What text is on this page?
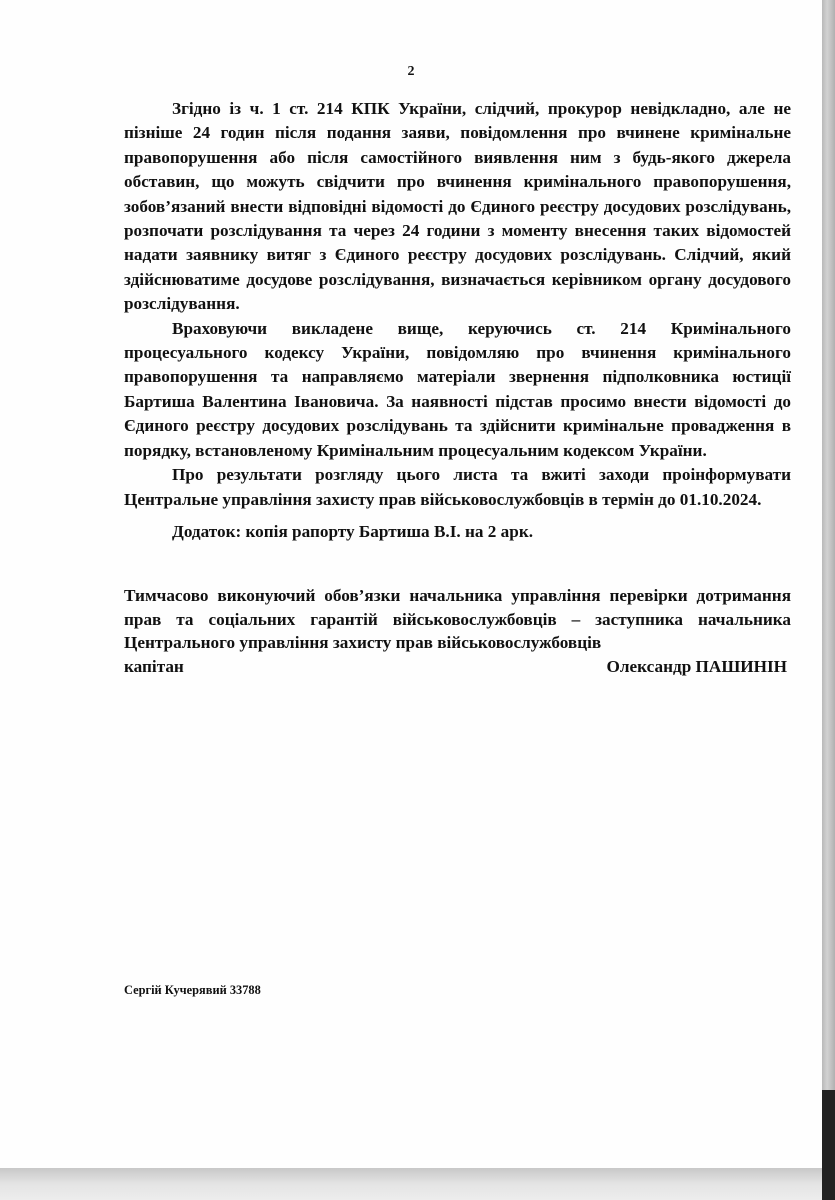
2

Згідно із ч. 1 ст. 214 КПК України, слідчий, прокурор невідкладно, але не пізніше 24 годин після подання заяви, повідомлення про вчинене кримінальне правопорушення або після самостійного виявлення ним з будь-якого джерела обставин, що можуть свідчити про вчинення кримінального правопорушення, зобов’язаний внести відповідні відомості до Єдиного реєстру досудових розслідувань, розпочати розслідування та через 24 години з моменту внесення таких відомостей надати заявнику витяг з Єдиного реєстру досудових розслідувань. Слідчий, який здійснюватиме досудове розслідування, визначається керівником органу досудового розслідування.

Враховуючи викладене вище, керуючись ст. 214 Кримінального процесуального кодексу України, повідомляю про вчинення кримінального правопорушення та направляємо матеріали звернення підполковника юстиції Бартиша Валентина Івановича. За наявності підстав просимо внести відомості до Єдиного реєстру досудових розслідувань та здійснити кримінальне провадження в порядку, встановленому Кримінальним процесуальним кодексом України.

Про результати розгляду цього листа та вжиті заходи проінформувати Центральне управління захисту прав військовослужбовців в термін до 01.10.2024.

Додаток: копія рапорту Бартиша В.І. на 2 арк.
Тимчасово виконуючий обов’язки начальника управління перевірки дотримання прав та соціальних гарантій військовослужбовців – заступника начальника Центрального управління захисту прав військовослужбовців
капітан	Олександр ПАШИНІН
Сергій Кучерявий 33788
